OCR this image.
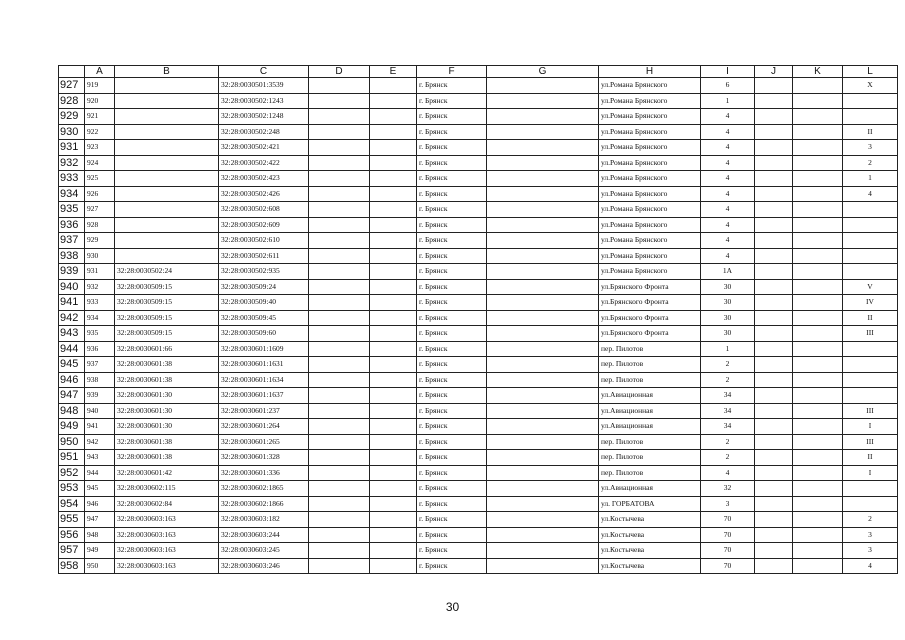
	A	B	C	D	E	F	G	H	I	J	K	L
927	919		32:28:0030501:3539			г. Брянск		ул.Романа Брянского	6			X
928	920		32:28:0030502:1243			г. Брянск		ул.Романа Брянского	1			
929	921		32:28:0030502:1248			г. Брянск		ул.Романа Брянского	4			
930	922		32:28:0030502:248			г. Брянск		ул.Романа Брянского	4			II
931	923		32:28:0030502:421			г. Брянск		ул.Романа Брянского	4			3
932	924		32:28:0030502:422			г. Брянск		ул.Романа Брянского	4			2
933	925		32:28:0030502:423			г. Брянск		ул.Романа Брянского	4			1
934	926		32:28:0030502:426			г. Брянск		ул.Романа Брянского	4			4
935	927		32:28:0030502:608			г. Брянск		ул.Романа Брянского	4			
936	928		32:28:0030502:609			г. Брянск		ул.Романа Брянского	4			
937	929		32:28:0030502:610			г. Брянск		ул.Романа Брянского	4			
938	930		32:28:0030502:611			г. Брянск		ул.Романа Брянского	4			
939	931	32:28:0030502:24	32:28:0030502:935			г. Брянск		ул.Романа Брянского	1А			
940	932	32:28:0030509:15	32:28:0030509:24			г. Брянск		ул.Брянского Фронта	30			V
941	933	32:28:0030509:15	32:28:0030509:40			г. Брянск		ул.Брянского Фронта	30			IV
942	934	32:28:0030509:15	32:28:0030509:45			г. Брянск		ул.Брянского Фронта	30			II
943	935	32:28:0030509:15	32:28:0030509:60			г. Брянск		ул.Брянского Фронта	30			III
944	936	32:28:0030601:66	32:28:0030601:1609			г. Брянск		пер. Пилотов	1			
945	937	32:28:0030601:38	32:28:0030601:1631			г. Брянск		пер. Пилотов	2			
946	938	32:28:0030601:38	32:28:0030601:1634			г. Брянск		пер. Пилотов	2			
947	939	32:28:0030601:30	32:28:0030601:1637			г. Брянск		ул.Авиационная	34			
948	940	32:28:0030601:30	32:28:0030601:237			г. Брянск		ул.Авиационная	34			III
949	941	32:28:0030601:30	32:28:0030601:264			г. Брянск		ул.Авиационная	34			I
950	942	32:28:0030601:38	32:28:0030601:265			г. Брянск		пер. Пилотов	2			III
951	943	32:28:0030601:38	32:28:0030601:328			г. Брянск		пер. Пилотов	2			II
952	944	32:28:0030601:42	32:28:0030601:336			г. Брянск		пер. Пилотов	4			I
953	945	32:28:0030602:115	32:28:0030602:1865			г. Брянск		ул.Авиационная	32			
954	946	32:28:0030602:84	32:28:0030602:1866			г. Брянск		ул. ГОРБАТОВА	3			
955	947	32:28:0030603:163	32:28:0030603:182			г. Брянск		ул.Костычева	70			2
956	948	32:28:0030603:163	32:28:0030603:244			г. Брянск		ул.Костычева	70			3
957	949	32:28:0030603:163	32:28:0030603:245			г. Брянск		ул.Костычева	70			3
958	950	32:28:0030603:163	32:28:0030603:246			г. Брянск		ул.Костычева	70			4
30
